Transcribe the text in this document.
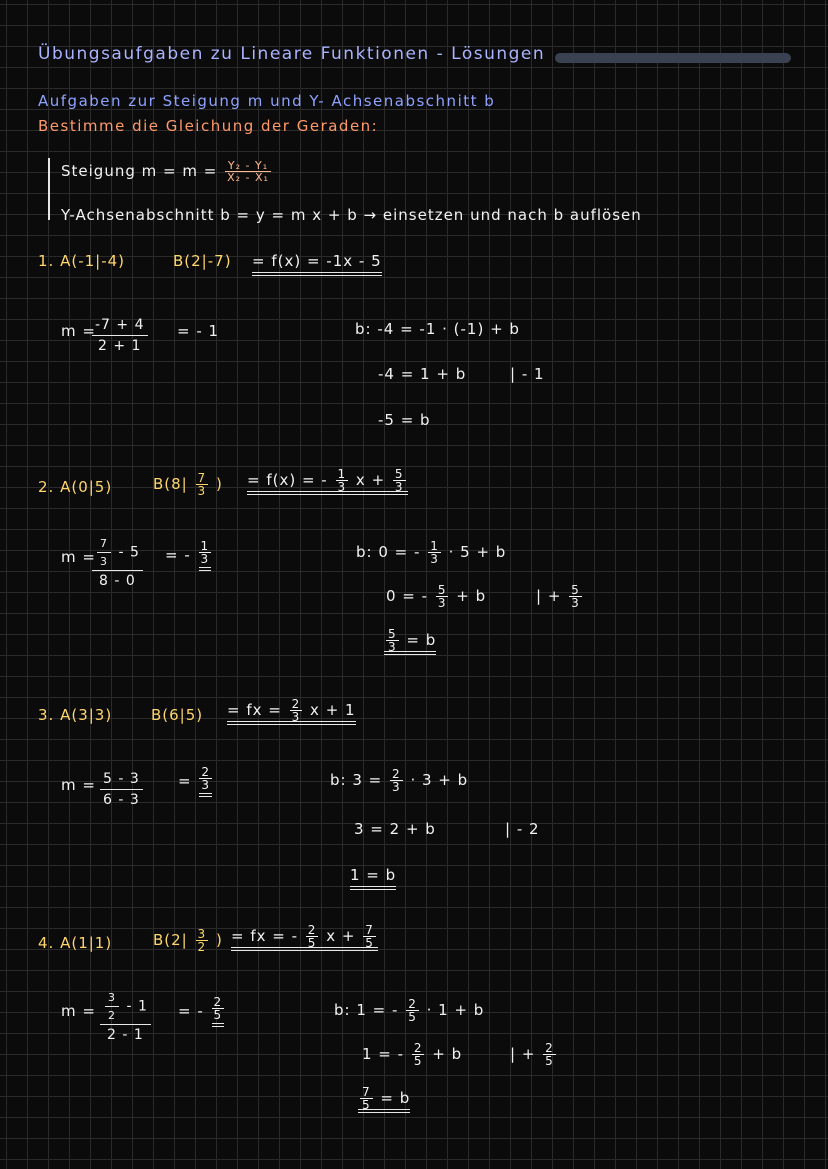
Übungsaufgaben zu Lineare Funktionen - Lösungen
Aufgaben zur Steigung m und Y- Achsenabschnitt b
Bestimme die Gleichung der Geraden:
Steigung $m = m = \frac{\text{Y₂ - Y₁}}{\text{X₂ - X₁}}$
Y-Achsenabschnitt b = y = m x + b → einsetzen und nach b auflösen
1. A(-1|-4)	B(2|-7) = f(x) = -1x - 5
m =
$\frac{-7 + 4}{2 + 1}$ = - 1	b: -4 = -1 · (-1) + b
-4 = 1 + b	| - 1
-5 = b
2. A(0|5)	$B(8| \frac{7}{3}$ ) = f(x) = - $\frac{1}{3}$ $x + \frac{5}{3}$
m =
$\frac{\frac{7}{3} - 5}{8 - 0}$ = - $\frac{1}{3}$	b: 0 = - $\frac{1}{3} \cdot 5 + b$
0 = - $\frac{5}{3} + b$	| + $\frac{5}{3}$
$\frac{5}{3} = b$
3. A(3|3)	B(6|5) = fx = $\frac{2}{3}$ x + 1
$m = \frac{5 - 3}{6 - 3} = \frac{2}{3}$	b: $3 = \frac{2}{3} \cdot 3 + b$
3 = 2 + b	| - 2
1 = b
4. A(1|1)	$B(2| \frac{3}{2}$ ) = fx = - $\frac{2}{5}$ $x + \frac{7}{5}$
$m = \frac{\frac{3}{2} - 1}{2 - 1}$ = - $\frac{2}{5}$	b: 1 = - $\frac{2}{5} \cdot 1 + b$
1 = - $\frac{2}{5} + b$	| + $\frac{2}{5}$
$\frac{7}{5} = b$
